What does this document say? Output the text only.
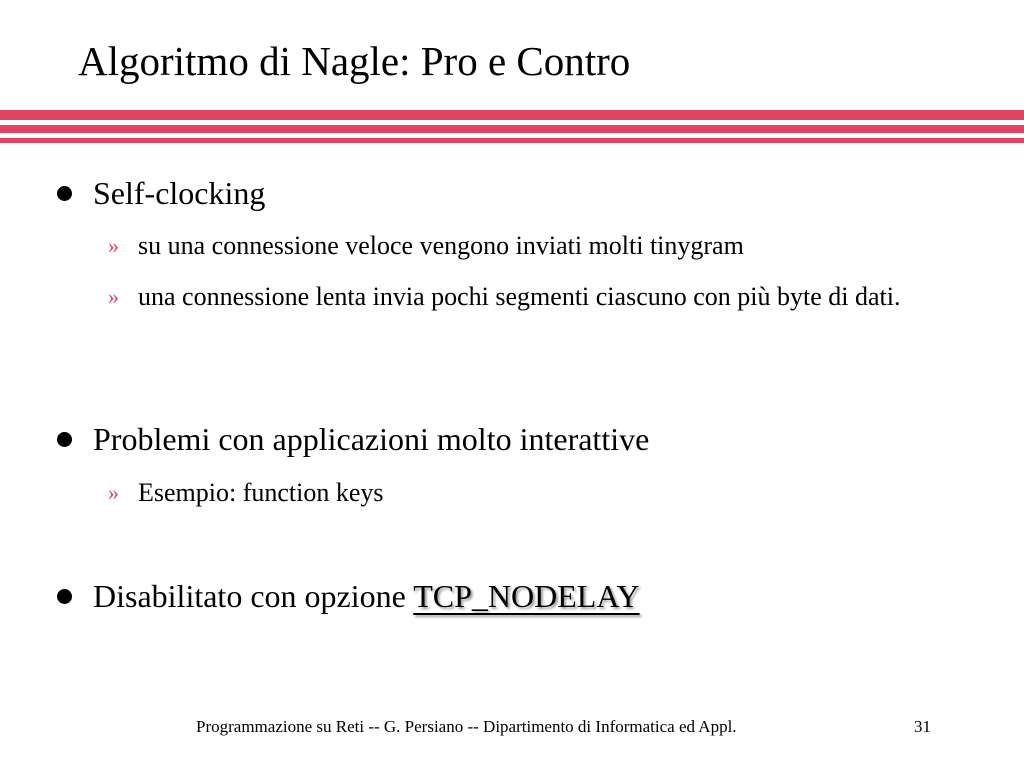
Algoritmo di Nagle: Pro e Contro
Self-clocking
» su una connessione veloce vengono inviati molti tinygram
» una connessione lenta invia pochi segmenti ciascuno con più byte di dati.
Problemi con applicazioni molto interattive
» Esempio: function keys
Disabilitato con opzione TCP_NODELAY
Programmazione su Reti -- G. Persiano -- Dipartimento di Informatica ed Appl.	31
